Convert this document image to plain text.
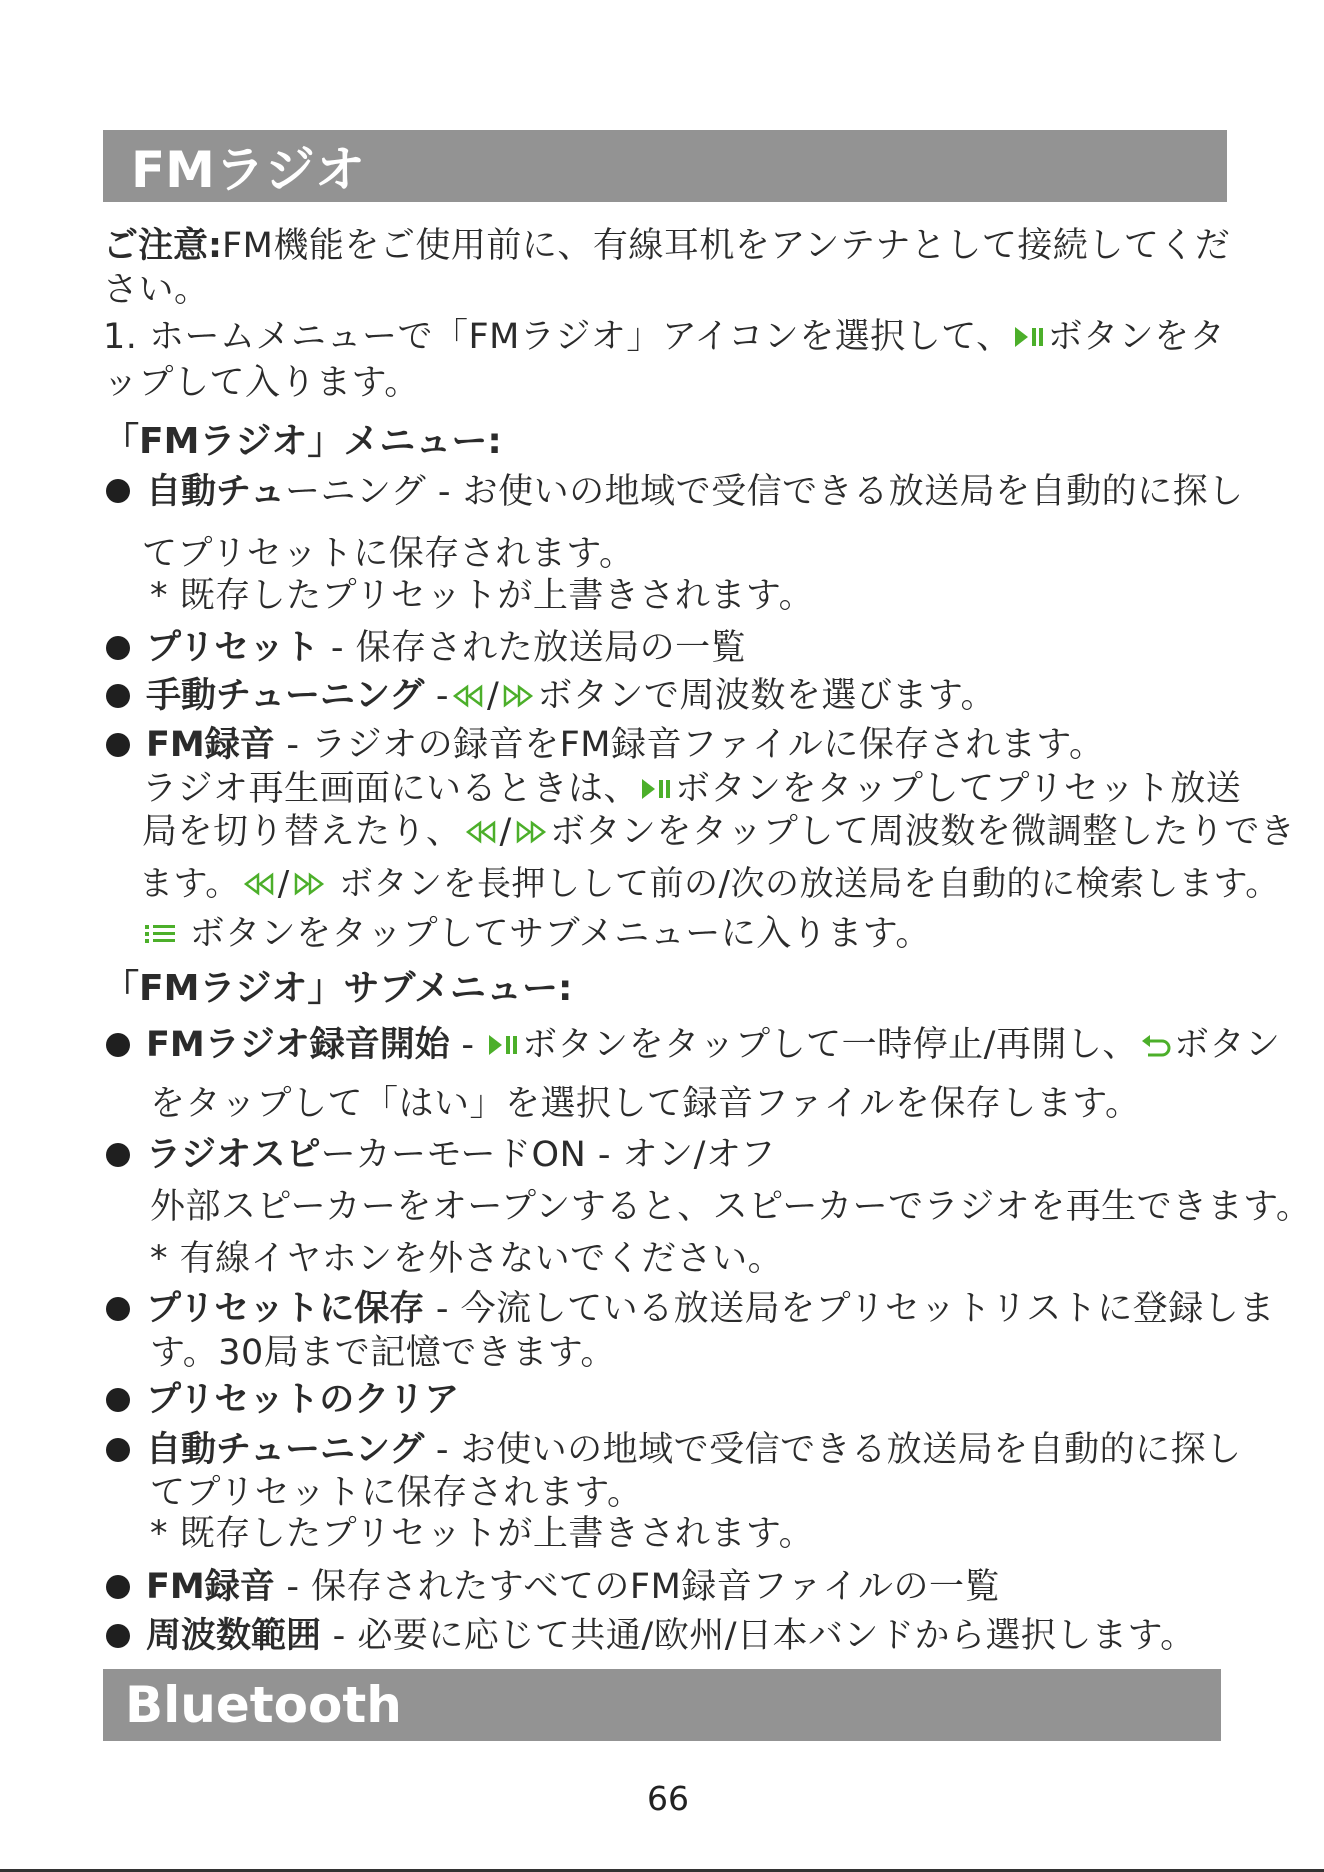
FMラジオ

ご注意:FM機能をご使用前に、有線耳机をアンテナとして接続してくだ

さい。

1. ホームメニューで「FMラジオ」アイコンを選択して、 ボタンをタ

ップして入ります。

「FMラジオ」メニュー:

自動チューニング - お使いの地域で受信できる放送局を自動的に探し

てプリセットに保存されます。

* 既存したプリセットが上書きされます。

プリセット - 保存された放送局の一覧

手動チューニング - / ボタンで周波数を選びます。

FM録音 - ラジオの録音をFM録音ファイルに保存されます。

ラジオ再生画面にいるときは、 ボタンをタップしてプリセット放送

局を切り替えたり、 / ボタンをタップして周波数を微調整したりでき

ます。 / ボタンを長押しして前の/次の放送局を自動的に検索します。

ボタンをタップしてサブメニューに入ります。

「FMラジオ」サブメニュー:

FMラジオ録音開始 - ボタンをタップして一時停止/再開し、 ボタン

をタップして「はい」を選択して録音ファイルを保存します。

ラジオスピーカーモードON - オン/オフ

外部スピーカーをオープンすると、スピーカーでラジオを再生できます。

* 有線イヤホンを外さないでください。

プリセットに保存 - 今流している放送局をプリセットリストに登録しま

す。30局まで記憶できます。

プリセットのクリア

自動チューニング - お使いの地域で受信できる放送局を自動的に探し

てプリセットに保存されます。

* 既存したプリセットが上書きされます。

FM録音 - 保存されたすべてのFM録音ファイルの一覧

周波数範囲 - 必要に応じて共通/欧州/日本バンドから選択します。

Bluetooth
66
